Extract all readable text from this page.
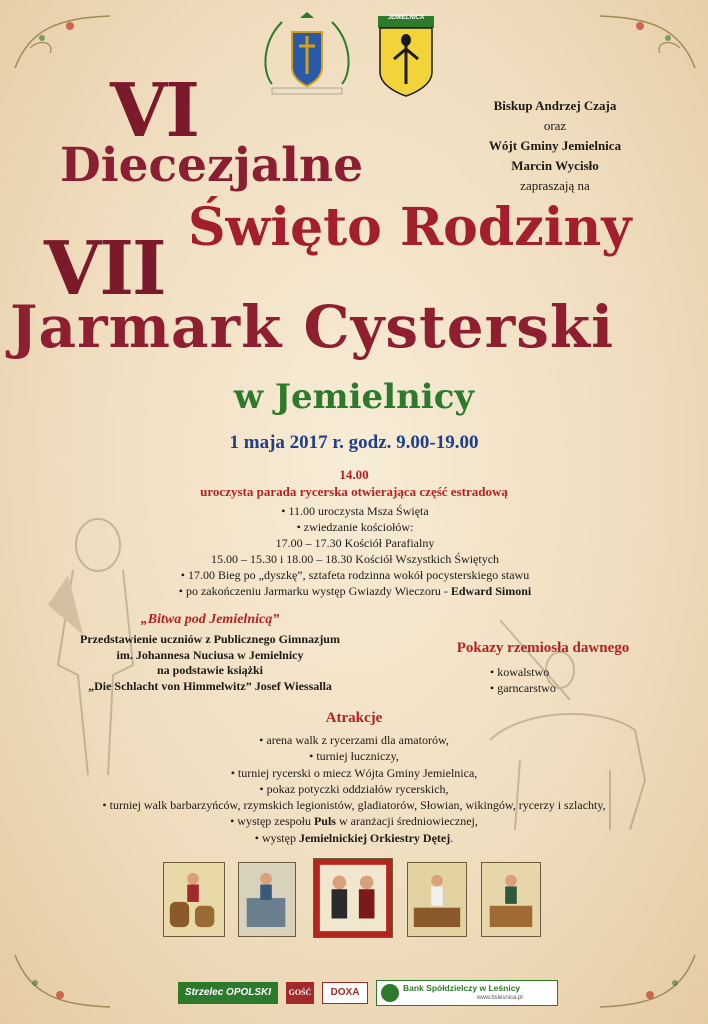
JEMIELNICA
VI
Diecezjalne
Święto Rodziny
VII
Jarmark Cysterski
w Jemielnicy
Biskup Andrzej Czaja
oraz
Wójt Gminy Jemielnica
Marcin Wycisło
zapraszają na
1 maja 2017 r. godz. 9.00-19.00
14.00
uroczysta parada rycerska otwierająca część estradową
• 11.00 uroczysta Msza Święta
• zwiedzanie kościołów:
17.00 – 17.30 Kościół Parafialny
15.00 – 15.30 i 18.00 – 18.30 Kościół Wszystkich Świętych
• 17.00 Bieg po „dyszkę”, sztafeta rodzinna wokół pocysterskiego stawu
• po zakończeniu Jarmarku występ Gwiazdy Wieczoru - Edward Simoni
„Bitwa pod Jemielnicą”
Przedstawienie uczniów z Publicznego Gimnazjum
im. Johannesa Nuciusa w Jemielnicy
na podstawie książki
„Die Schlacht von Himmelwitz” Josef Wiessalla
Pokazy rzemiosła dawnego
• kowalstwo
• garncarstwo
Atrakcje
• arena walk z rycerzami dla amatorów,
• turniej łuczniczy,
• turniej rycerski o miecz Wójta Gminy Jemielnica,
• pokaz potyczki oddziałów rycerskich,
• turniej walk barbarzyńców, rzymskich legionistów, gladiatorów, Słowian, wikingów, rycerzy i szlachty,
• występ zespołu Puls w aranżacji średniowiecznej,
• występ Jemielnickiej Orkiestry Dętej.
Strzelec OPOLSKI	GOŚĆ	DOXA	Bank Spółdzielczy w Leśnicy
www.bslesnica.pl
